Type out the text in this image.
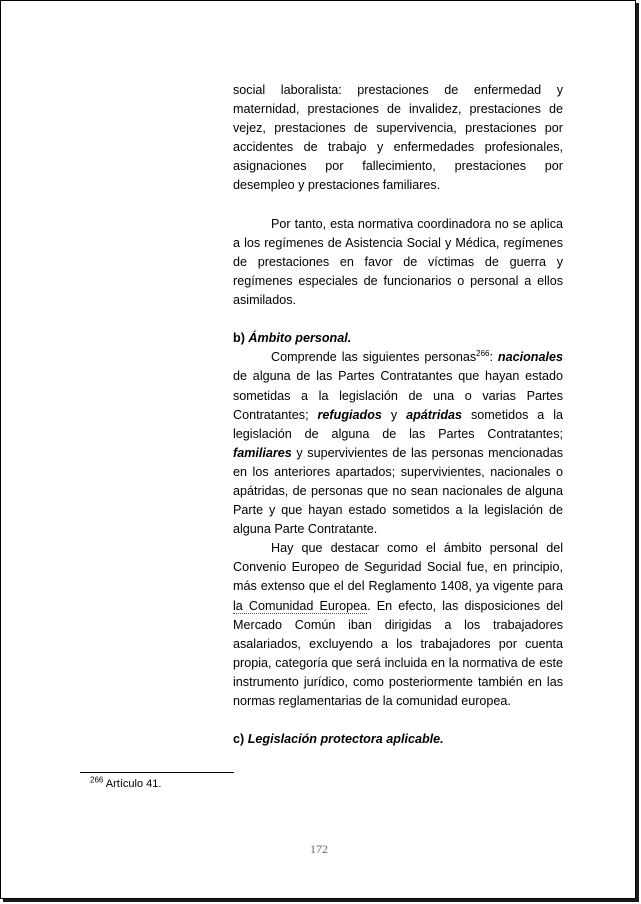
social laboralista: prestaciones de enfermedad y maternidad, prestaciones de invalidez, prestaciones de vejez, prestaciones de supervivencia, prestaciones por accidentes de trabajo y enfermedades profesionales, asignaciones por fallecimiento, prestaciones por desempleo y prestaciones familiares.

Por tanto, esta normativa coordinadora no se aplica a los regímenes de Asistencia Social y Médica, regímenes de prestaciones en favor de víctimas de guerra y regímenes especiales de funcionarios o personal a ellos asimilados.

b) Ámbito personal.

Comprende las siguientes personas$^{266}$: nacionales de alguna de las Partes Contratantes que hayan estado sometidas a la legislación de una o varias Partes Contratantes; refugiados y apátridas sometidos a la legislación de alguna de las Partes Contratantes; familiares y supervivientes de las personas mencionadas en los anteriores apartados; supervivientes, nacionales o apátridas, de personas que no sean nacionales de alguna Parte y que hayan estado sometidos a la legislación de alguna Parte Contratante.

Hay que destacar como el ámbito personal del Convenio Europeo de Seguridad Social fue, en principio, más extenso que el del Reglamento 1408, ya vigente para la Comunidad Europea. En efecto, las disposiciones del Mercado Común iban dirigidas a los trabajadores asalariados, excluyendo a los trabajadores por cuenta propia, categoría que será incluida en la normativa de este instrumento jurídico, como posteriormente también en las normas reglamentarias de la comunidad europea.

c) Legislación protectora aplicable.

$^{266}$ Artículo 41.
172
